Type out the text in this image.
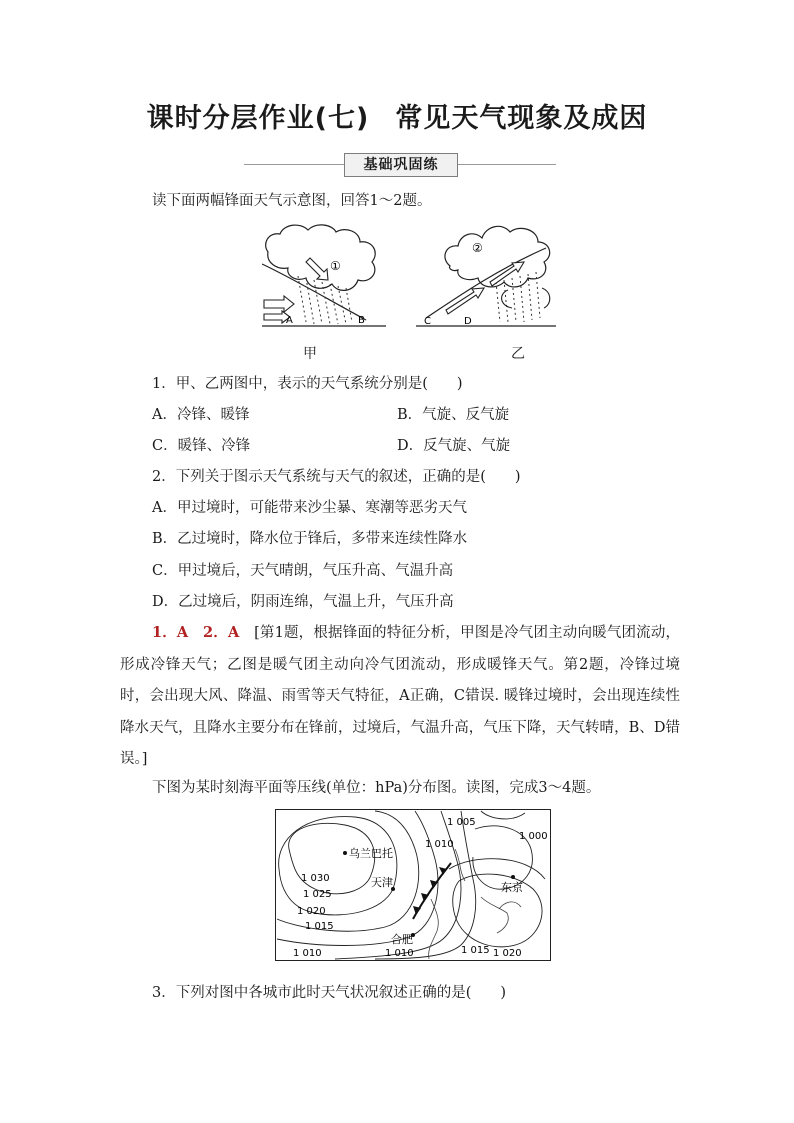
课时分层作业(七) 常见天气现象及成因
基础巩固练
读下面两幅锋面天气示意图，回答1～2题。
①
A	B
②
C	D
甲	乙
1．甲、乙两图中，表示的天气系统分别是(　　)
A．冷锋、暖锋	B．气旋、反气旋
C．暖锋、冷锋	D．反气旋、气旋
2．下列关于图示天气系统与天气的叙述，正确的是(　　)
A．甲过境时，可能带来沙尘暴、寒潮等恶劣天气
B．乙过境时，降水位于锋后，多带来连续性降水
C．甲过境后，天气晴朗，气压升高、气温升高
D．乙过境后，阴雨连绵，气温上升，气压升高
1．A　2．A　 [第1题，根据锋面的特征分析，甲图是冷气团主动向暖气团流动，形成冷锋天气；乙图是暖气团主动向冷气团流动，形成暖锋天气。第2题，冷锋过境时，会出现大风、降温、雨雪等天气特征，A正确，C错误. 暖锋过境时，会出现连续性降水天气，且降水主要分布在锋前，过境后，气温升高，气压下降，天气转晴，B、D错误。]
下图为某时刻海平面等压线(单位：hPa)分布图。读图，完成3～4题。
乌兰巴托
天津
合肥
东京
1 030
1 025
1 020
1 015
1 010	1 010
1 010
1 005
1 000
1 015 1 020
3．下列对图中各城市此时天气状况叙述正确的是(　　)
